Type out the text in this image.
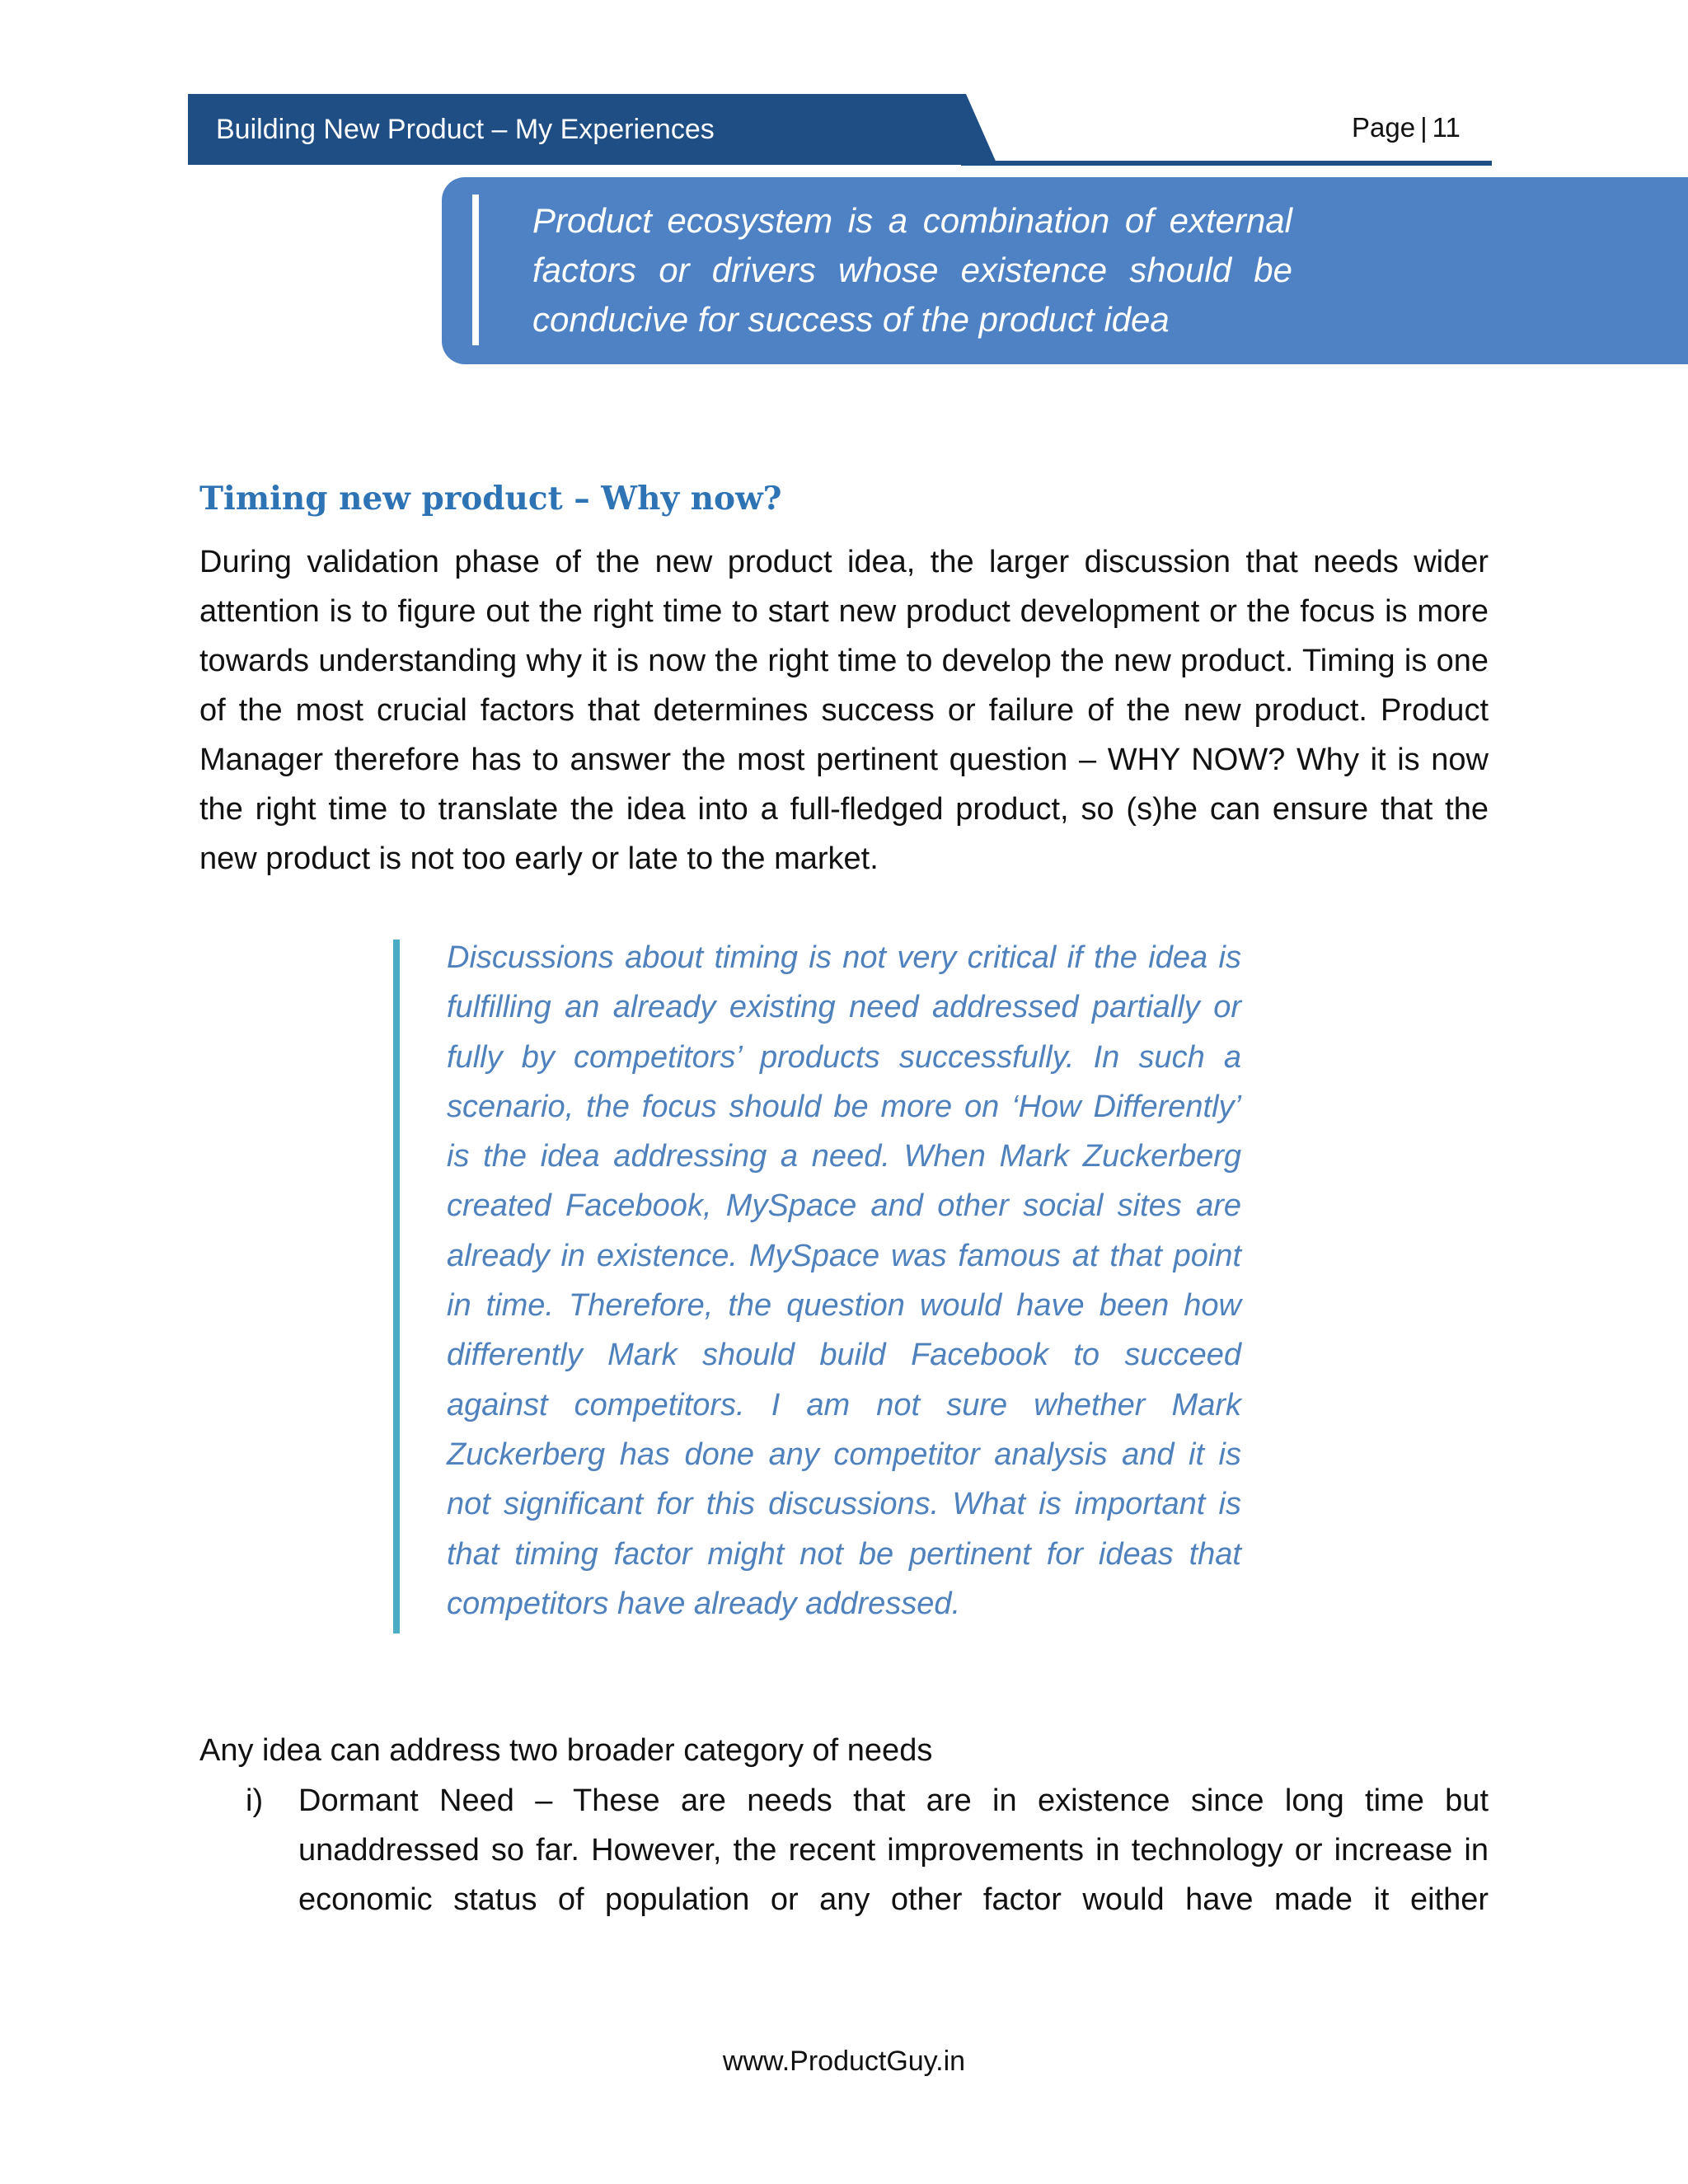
Building New Product – My Experiences	Page | 11

Product ecosystem is a combination of external factors or drivers whose existence should be conducive for success of the product idea

Timing new product – Why now?

During validation phase of the new product idea, the larger discussion that needs wider attention is to figure out the right time to start new product development or the focus is more towards understanding why it is now the right time to develop the new product. Timing is one of the most crucial factors that determines success or failure of the new product. Product Manager therefore has to answer the most pertinent question – WHY NOW? Why it is now the right time to translate the idea into a full-fledged product, so (s)he can ensure that the new product is not too early or late to the market.

Discussions about timing is not very critical if the idea is fulfilling an already existing need addressed partially or fully by competitors’ products successfully. In such a scenario, the focus should be more on ‘How Differently’ is the idea addressing a need. When Mark Zuckerberg created Facebook, MySpace and other social sites are already in existence. MySpace was famous at that point in time. Therefore, the question would have been how differently Mark should build Facebook to succeed against competitors. I am not sure whether Mark Zuckerberg has done any competitor analysis and it is not significant for this discussions. What is important is that timing factor might not be pertinent for ideas that competitors have already addressed.

Any idea can address two broader category of needs

i) Dormant Need – These are needs that are in existence since long time but unaddressed so far. However, the recent improvements in technology or increase in economic status of population or any other factor would have made it either

www.ProductGuy.in
